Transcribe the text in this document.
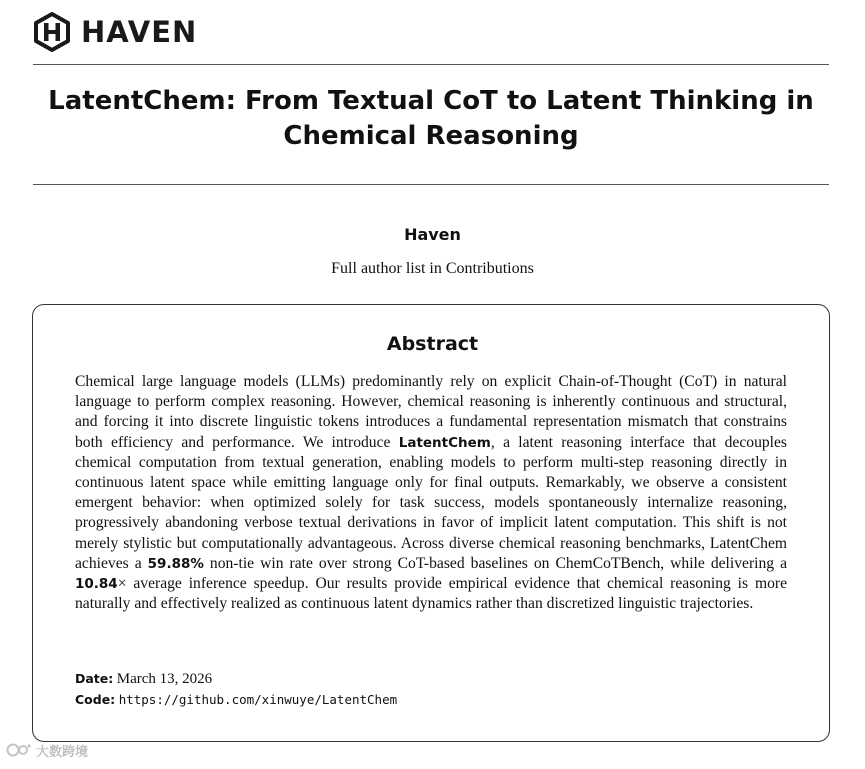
HAVEN
LatentChem: From Textual CoT to Latent Thinking in Chemical Reasoning
Haven
Full author list in Contributions
Abstract

Chemical large language models (LLMs) predominantly rely on explicit Chain-of-Thought (CoT) in natural language to perform complex reasoning. However, chemical reasoning is inherently continuous and structural, and forcing it into discrete linguistic tokens introduces a fundamental representation mismatch that constrains both efficiency and performance. We introduce LatentChem, a latent reasoning interface that decouples chemical computation from textual generation, enabling models to perform multi-step reasoning directly in continuous latent space while emitting language only for final outputs. Remarkably, we observe a consistent emergent behavior: when optimized solely for task success, models spontaneously internalize reasoning, progressively abandoning verbose textual derivations in favor of implicit latent computation. This shift is not merely stylistic but computationally advantageous. Across diverse chemical reasoning benchmarks, LatentChem achieves a 59.88% non-tie win rate over strong CoT-based baselines on ChemCoTBench, while delivering a 10.84× average inference speedup. Our results provide empirical evidence that chemical reasoning is more naturally and effectively realized as continuous latent dynamics rather than discretized linguistic trajectories.

Date: March 13, 2026
Code: https://github.com/xinwuye/LatentChem
大数跨境
